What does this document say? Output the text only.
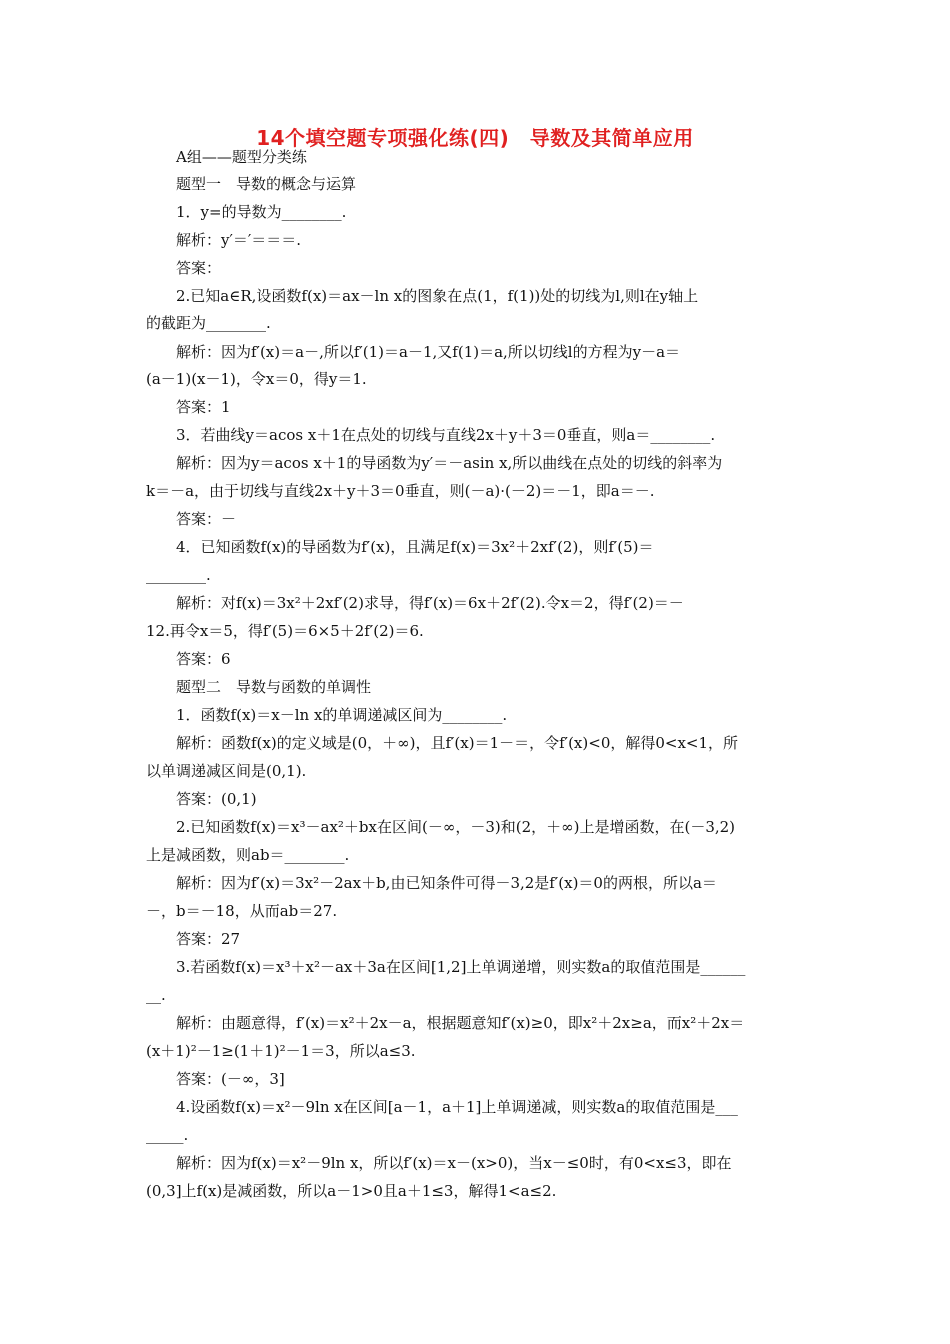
14个填空题专项强化练(四)　导数及其简单应用
A组——题型分类练
题型一　导数的概念与运算
1．y=的导数为________.
解析：y′＝′＝＝＝.
答案：
2.已知a∈R,设函数f(x)＝ax－ln x的图象在点(1，f(1))处的切线为l,则l在y轴上
的截距为________.
解析：因为f′(x)＝a－,所以f′(1)＝a－1,又f(1)＝a,所以切线l的方程为y－a＝
(a－1)(x－1)，令x＝0，得y＝1.
答案：1
3．若曲线y＝acos x＋1在点处的切线与直线2x＋y＋3＝0垂直，则a＝________.
解析：因为y＝acos x＋1的导函数为y′＝－asin x,所以曲线在点处的切线的斜率为
k＝－a，由于切线与直线2x＋y＋3＝0垂直，则(－a)·(－2)＝－1，即a＝－.
答案：－
4．已知函数f(x)的导函数为f′(x)，且满足f(x)＝3x²＋2xf′(2)，则f′(5)＝
________.
解析：对f(x)＝3x²＋2xf′(2)求导，得f′(x)＝6x＋2f′(2).令x＝2，得f′(2)＝－
12.再令x＝5，得f′(5)＝6×5＋2f′(2)＝6.
答案：6
题型二　导数与函数的单调性
1．函数f(x)＝x－ln x的单调递减区间为________.
解析：函数f(x)的定义域是(0，＋∞)，且f′(x)＝1－＝，令f′(x)<0，解得0<x<1，所
以单调递减区间是(0,1).
答案：(0,1)
2.已知函数f(x)＝x³－ax²＋bx在区间(－∞，－3)和(2，＋∞)上是增函数，在(－3,2)
上是减函数，则ab＝________.
解析：因为f′(x)＝3x²－2ax＋b,由已知条件可得－3,2是f′(x)＝0的两根，所以a＝
－，b＝－18，从而ab＝27.
答案：27
3.若函数f(x)＝x³＋x²－ax＋3a在区间[1,2]上单调递增，则实数a的取值范围是______
__.
解析：由题意得，f′(x)＝x²＋2x－a，根据题意知f′(x)≥0，即x²＋2x≥a，而x²＋2x＝
(x＋1)²－1≥(1＋1)²－1＝3，所以a≤3.
答案：(－∞，3]
4.设函数f(x)＝x²－9ln x在区间[a－1，a＋1]上单调递减，则实数a的取值范围是___
_____.
解析：因为f(x)＝x²－9ln x，所以f′(x)＝x－(x>0)，当x－≤0时，有0<x≤3，即在
(0,3]上f(x)是减函数，所以a－1>0且a＋1≤3，解得1<a≤2.
